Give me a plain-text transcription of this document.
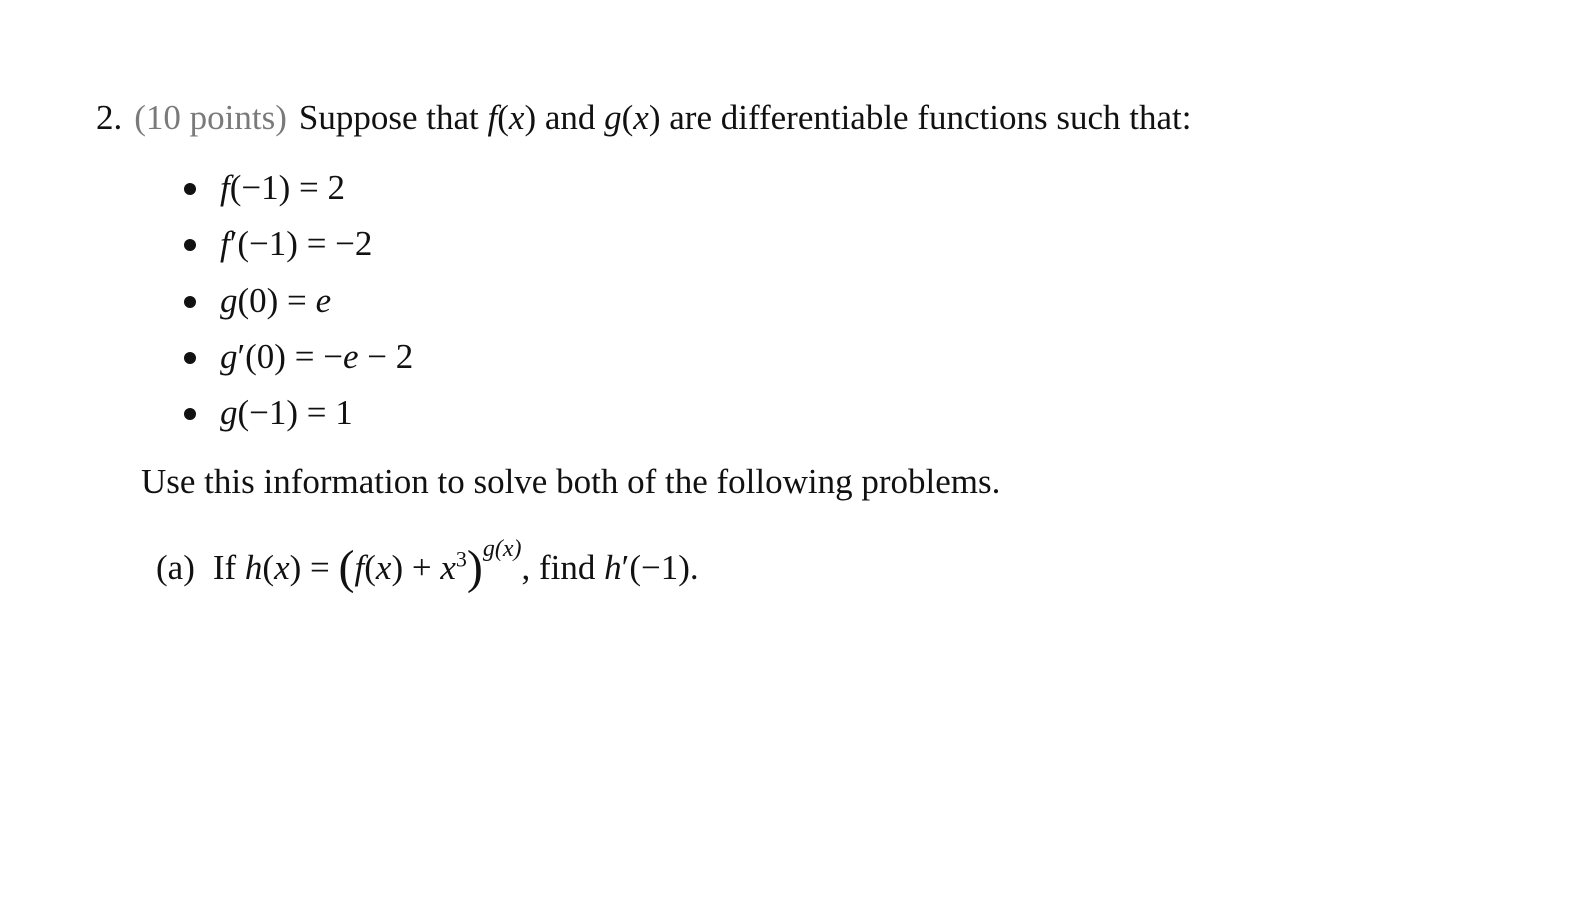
2. (10 points) Suppose that f(x) and g(x) are differentiable functions such that:
f(−1) = 2
f′(−1) = −2
g(0) = e
g′(0) = −e − 2
g(−1) = 1
Use this information to solve both of the following problems.
(a) If $h(x) = (f(x) + x^3)^{g(x)}$, find h′(−1).
